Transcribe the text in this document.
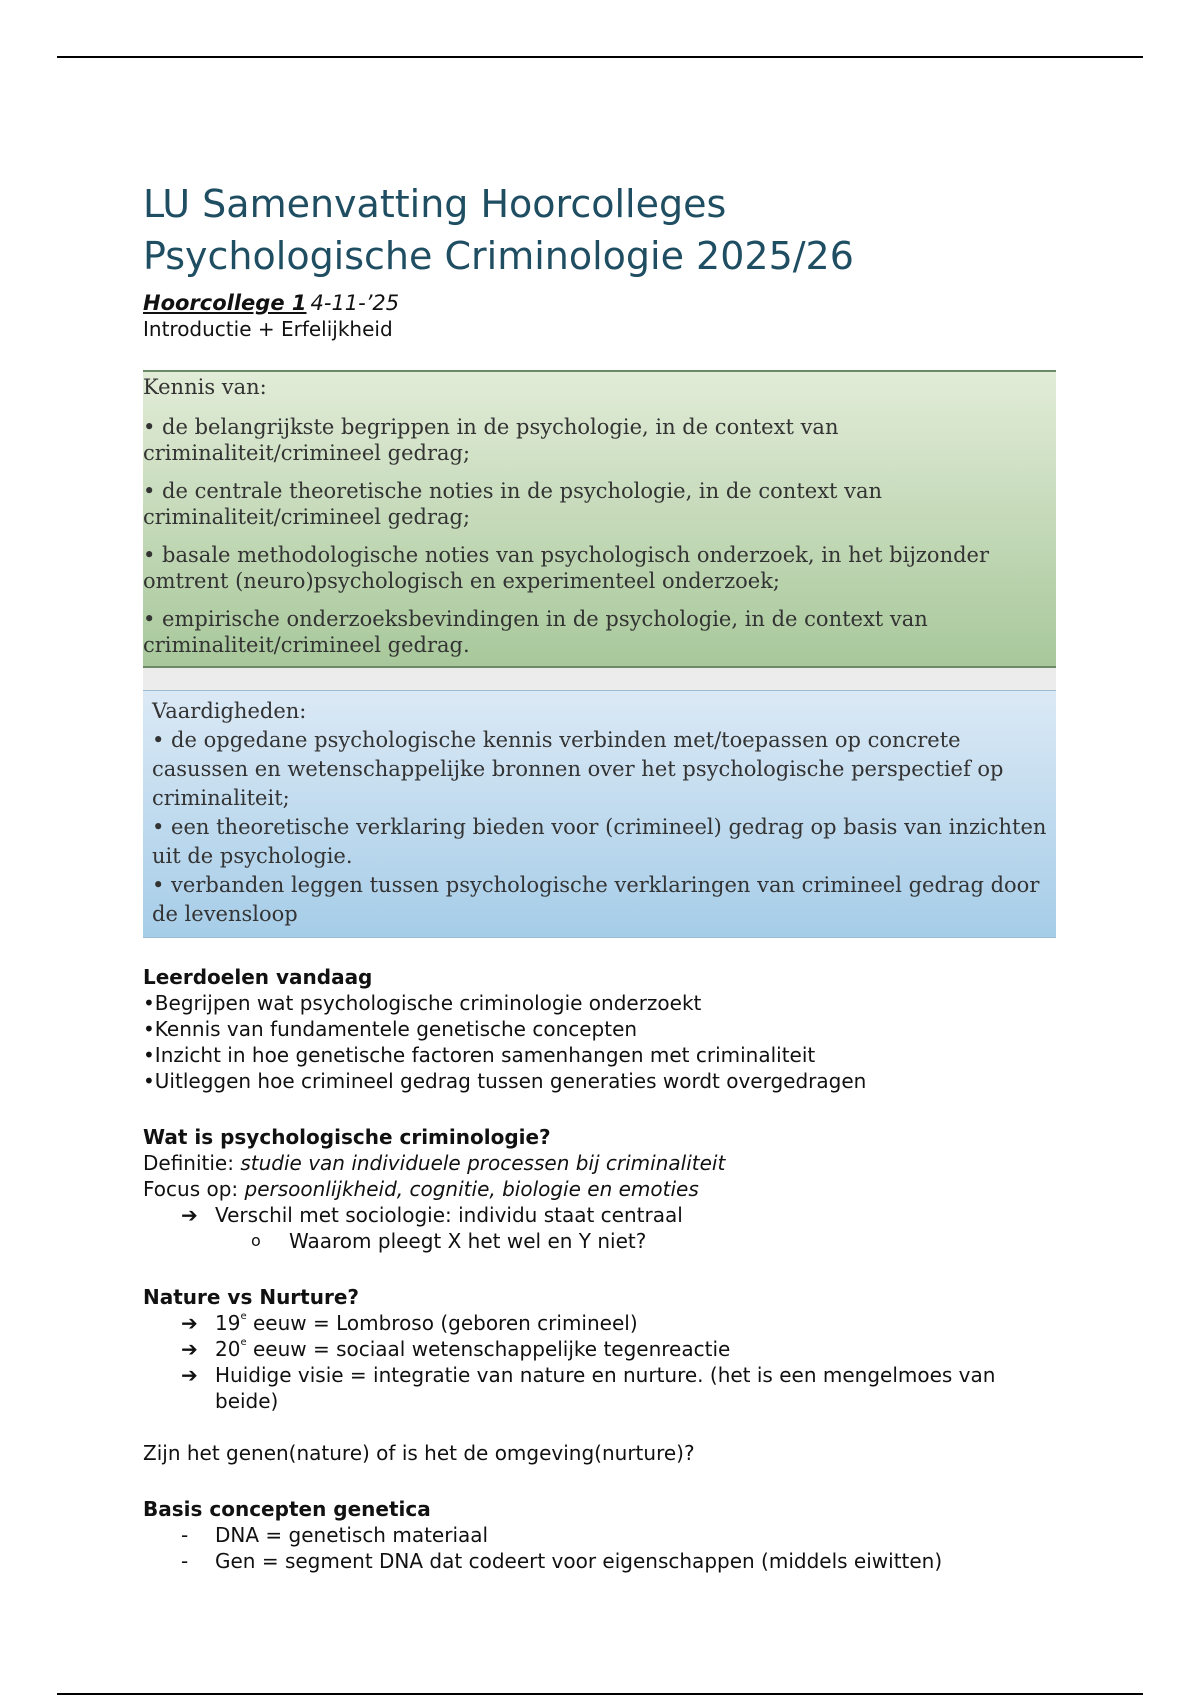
LU Samenvatting Hoorcolleges
Psychologische Criminologie 2025/26
Hoorcollege 1 4-11-’25
Introductie + Erfelijkheid
Kennis van:
• de belangrijkste begrippen in de psychologie, in de context van criminaliteit/crimineel gedrag;
• de centrale theoretische noties in de psychologie, in de context van criminaliteit/crimineel gedrag;
• basale methodologische noties van psychologisch onderzoek, in het bijzonder omtrent (neuro)psychologisch en experimenteel onderzoek;
• empirische onderzoeksbevindingen in de psychologie, in de context van criminaliteit/crimineel gedrag.
Vaardigheden:
• de opgedane psychologische kennis verbinden met/toepassen op concrete casussen en wetenschappelijke bronnen over het psychologische perspectief op criminaliteit;
• een theoretische verklaring bieden voor (crimineel) gedrag op basis van inzichten uit de psychologie.
• verbanden leggen tussen psychologische verklaringen van crimineel gedrag door de levensloop
Leerdoelen vandaag
• Begrijpen wat psychologische criminologie onderzoekt
• Kennis van fundamentele genetische concepten
• Inzicht in hoe genetische factoren samenhangen met criminaliteit
• Uitleggen hoe crimineel gedrag tussen generaties wordt overgedragen
Wat is psychologische criminologie?
Definitie: studie van individuele processen bij criminaliteit
Focus op: persoonlijkheid, cognitie, biologie en emoties
➔ Verschil met sociologie: individu staat centraal
o	Waarom pleegt X het wel en Y niet?
Nature vs Nurture?
➔ 19e eeuw = Lombroso (geboren crimineel)
➔ 20e eeuw = sociaal wetenschappelijke tegenreactie
➔ Huidige visie = integratie van nature en nurture. (het is een mengelmoes van beide)
Zijn het genen(nature) of is het de omgeving(nurture)?
Basis concepten genetica
- DNA = genetisch materiaal
- Gen = segment DNA dat codeert voor eigenschappen (middels eiwitten)
